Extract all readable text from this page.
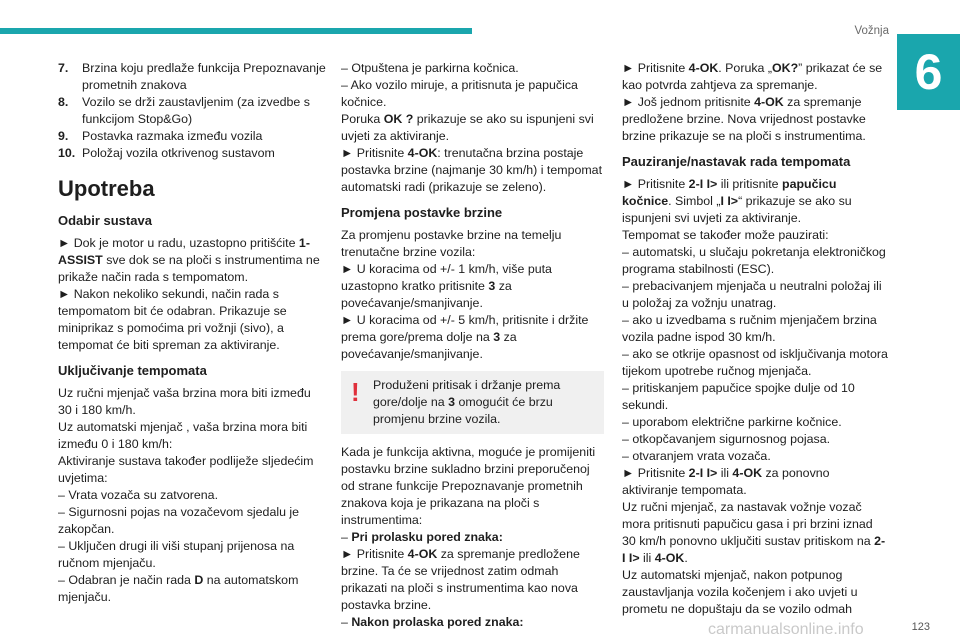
Vožnja
6
7.	Brzina koju predlaže funkcija Prepoznavanje prometnih znakova
8.	Vozilo se drži zaustavljenim (za izvedbe s funkcijom Stop&Go)
9.	Postavka razmaka između vozila
10. Položaj vozila otkrivenog sustavom
Upotreba
Odabir sustava

► Dok je motor u radu, uzastopno pritišćite 1-ASSIST sve dok se na ploči s instrumentima ne prikaže način rada s tempomatom.

► Nakon nekoliko sekundi, način rada s tempomatom bit će odabran. Prikazuje se miniprikaz s pomoćima pri vožnji (sivo), a tempomat će biti spreman za aktiviranje.

Uključivanje tempomata

Uz ručni mjenjač vaša brzina mora biti između 30 i 180 km/h.

Uz automatski mjenjač , vaša brzina mora biti između 0 i 180 km/h:

Aktiviranje sustava također podliježe sljedećim uvjetima:

– Vrata vozača su zatvorena.

– Sigurnosni pojas na vozačevom sjedalu je zakopčan.

– Uključen drugi ili viši stupanj prijenosa na ručnom mjenjaču.

– Odabran je način rada D na automatskom mjenjaču.

– Otpuštena je parkirna kočnica.

– Ako vozilo miruje, a pritisnuta je papučica kočnice.

Poruka OK ? prikazuje se ako su ispunjeni svi uvjeti za aktiviranje.

► Pritisnite 4-OK: trenutačna brzina postaje postavka brzine (najmanje 30 km/h) i tempomat automatski radi (prikazuje se zeleno).

Promjena postavke brzine

Za promjenu postavke brzine na temelju trenutačne brzine vozila:

► U koracima od +/- 1 km/h, više puta uzastopno kratko pritisnite 3 za povećavanje/smanjivanje.

► U koracima od +/- 5 km/h, pritisnite i držite prema gore/prema dolje na 3 za povećavanje/smanjivanje.

!	Produženi pritisak i držanje prema gore/dolje na 3 omogućit će brzu promjenu brzine vozila.

Kada je funkcija aktivna, moguće je promijeniti postavku brzine sukladno brzini preporučenoj od strane funkcije Prepoznavanje prometnih znakova koja je prikazana na ploči s instrumentima:

– Pri prolasku pored znaka:

► Pritisnite 4-OK za spremanje predložene brzine. Ta će se vrijednost zatim odmah prikazati na ploči s instrumentima kao nova postavka brzine.

– Nakon prolaska pored znaka:

► Pritisnite 4-OK. Poruka „OK?” prikazat će se kao potvrda zahtjeva za spremanje.

► Još jednom pritisnite 4-OK za spremanje predložene brzine. Nova vrijednost postavke brzine prikazuje se na ploči s instrumentima.

Pauziranje/nastavak rada tempomata

► Pritisnite 2-I I> ili pritisnite papučicu kočnice. Simbol „I I>“ prikazuje se ako su ispunjeni svi uvjeti za aktiviranje.

Tempomat se također može pauzirati:

– automatski, u slučaju pokretanja elektroničkog programa stabilnosti (ESC).

– prebacivanjem mjenjača u neutralni položaj ili u položaj za vožnju unatrag.

– ako u izvedbama s ručnim mjenjačem brzina vozila padne ispod 30 km/h.

– ako se otkrije opasnost od isključivanja motora tijekom upotrebe ručnog mjenjača.

– pritiskanjem papučice spojke dulje od 10 sekundi.

– uporabom električne parkirne kočnice.

– otkopčavanjem sigurnosnog pojasa.

– otvaranjem vrata vozača.

► Pritisnite 2-I I> ili 4-OK za ponovno aktiviranje tempomata.

Uz ručni mjenjač, za nastavak vožnje vozač mora pritisnuti papučicu gasa i pri brzini iznad 30 km/h ponovno uključiti sustav pritiskom na 2-I I> ili 4-OK.

Uz automatski mjenjač, nakon potpunog zaustavljanja vozila kočenjem i ako uvjeti u prometu ne dopuštaju da se vozilo odmah

carmanualsonline.info	123
